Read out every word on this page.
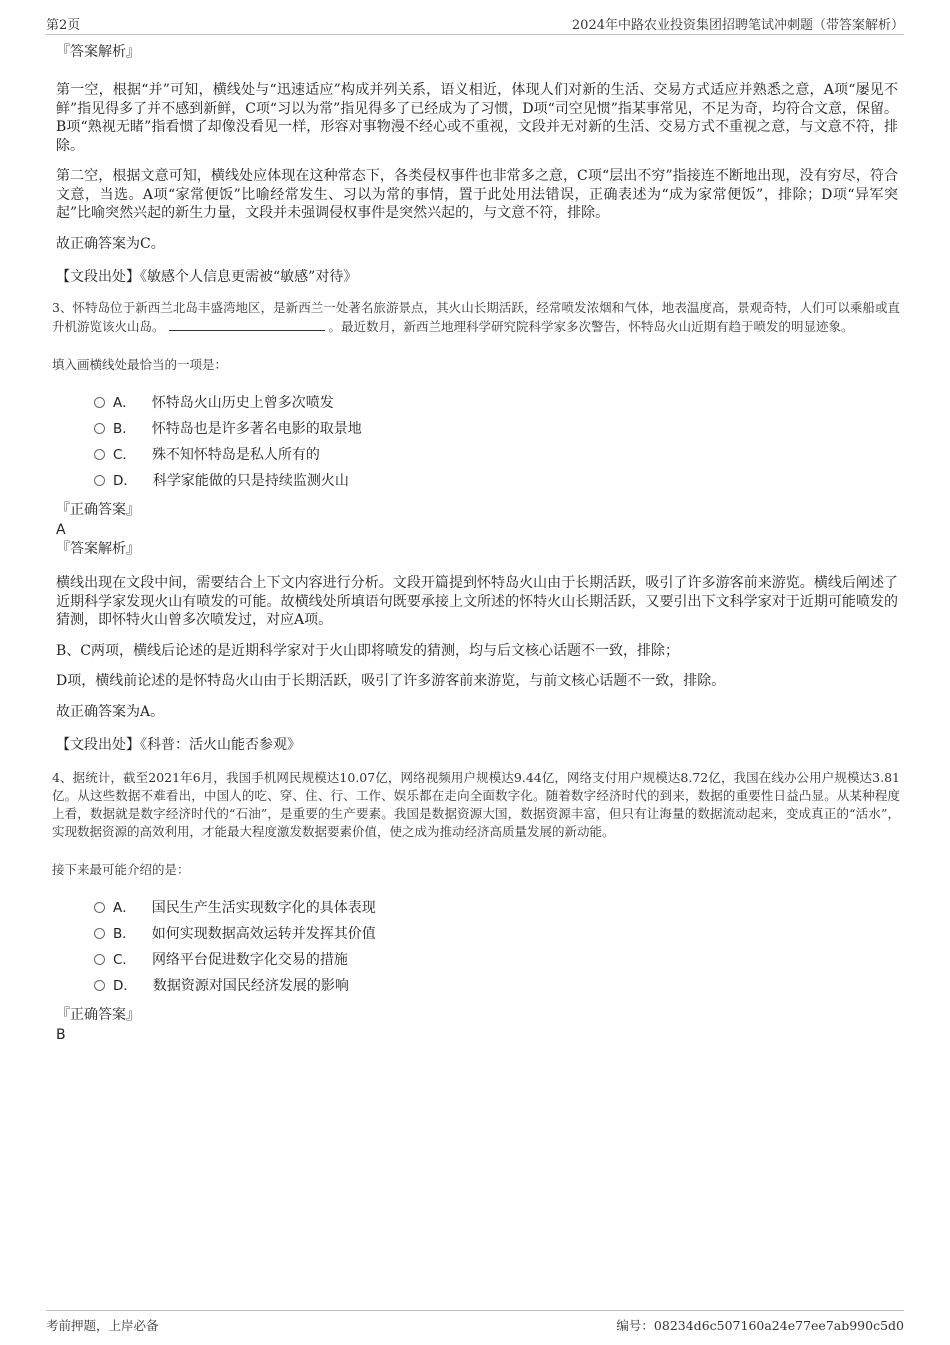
第2页	2024年中路农业投资集团招聘笔试冲刺题（带答案解析）

『答案解析』

第一空，根据“并”可知，横线处与“迅速适应”构成并列关系，语义相近，体现人们对新的生活、交易方式适应并熟悉之意，A项“屡见不鲜”指见得多了并不感到新鲜，C项“习以为常”指见得多了已经成为了习惯，D项“司空见惯”指某事常见，不足为奇，均符合文意，保留。B项“熟视无睹”指看惯了却像没看见一样，形容对事物漫不经心或不重视，文段并无对新的生活、交易方式不重视之意，与文意不符，排除。

第二空，根据文意可知，横线处应体现在这种常态下，各类侵权事件也非常多之意，C项“层出不穷”指接连不断地出现，没有穷尽，符合文意，当选。A项“家常便饭”比喻经常发生、习以为常的事情，置于此处用法错误，正确表述为“成为家常便饭”，排除；D项“异军突起”比喻突然兴起的新生力量，文段并未强调侵权事件是突然兴起的，与文意不符，排除。

故正确答案为C。

【文段出处】《敏感个人信息更需被“敏感”对待》

3、怀特岛位于新西兰北岛丰盛湾地区，是新西兰一处著名旅游景点，其火山长期活跃，经常喷发浓烟和气体，地表温度高，景观奇特，人们可以乘船或直升机游览该火山岛。	。最近数月，新西兰地理科学研究院科学家多次警告，怀特岛火山近期有趋于喷发的明显迹象。

填入画横线处最恰当的一项是：

A． 怀特岛火山历史上曾多次喷发
B． 怀特岛也是许多著名电影的取景地
C． 殊不知怀特岛是私人所有的
D． 科学家能做的只是持续监测火山

『正确答案』

A

『答案解析』

横线出现在文段中间，需要结合上下文内容进行分析。文段开篇提到怀特岛火山由于长期活跃，吸引了许多游客前来游览。横线后阐述了近期科学家发现火山有喷发的可能。故横线处所填语句既要承接上文所述的怀特火山长期活跃，又要引出下文科学家对于近期可能喷发的猜测，即怀特火山曾多次喷发过，对应A项。

B、C两项，横线后论述的是近期科学家对于火山即将喷发的猜测，均与后文核心话题不一致，排除；

D项，横线前论述的是怀特岛火山由于长期活跃，吸引了许多游客前来游览，与前文核心话题不一致，排除。

故正确答案为A。

【文段出处】《科普：活火山能否参观》

4、据统计，截至2021年6月，我国手机网民规模达10.07亿，网络视频用户规模达9.44亿，网络支付用户规模达8.72亿，我国在线办公用户规模达3.81亿。从这些数据不难看出，中国人的吃、穿、住、行、工作、娱乐都在走向全面数字化。随着数字经济时代的到来，数据的重要性日益凸显。从某种程度上看，数据就是数字经济时代的“石油”，是重要的生产要素。我国是数据资源大国，数据资源丰富，但只有让海量的数据流动起来，变成真正的“活水”，实现数据资源的高效利用，才能最大程度激发数据要素价值，使之成为推动经济高质量发展的新动能。

接下来最可能介绍的是：

A． 国民生产生活实现数字化的具体表现
B． 如何实现数据高效运转并发挥其价值
C． 网络平台促进数字化交易的措施
D． 数据资源对国民经济发展的影响

『正确答案』

B

考前押题，上岸必备	编号：08234d6c507160a24e77ee7ab990c5d0
